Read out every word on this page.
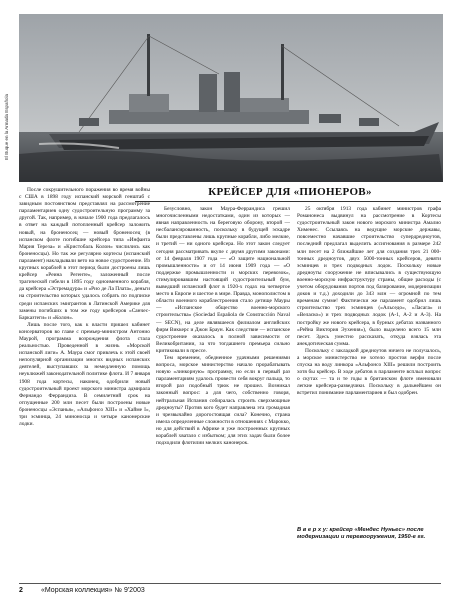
El Buque en la Armada Española
КРЕЙСЕР ДЛЯ «ПИОНЕРОВ»

После сокрушительного поражения во время войны с США в 1898 году испанский морской генштаб с завидным постоянством представлял на рассмотрение парламентариев одну судостроительную программу за другой. Так, например, в начале 1900 года предлагалось в ответ на каждый потопленный крейсер заложить новый, на броненосец — новый броненосец (в испанском флоте погибшие крейсера типа «Инфанта Мария Тереза» и «Кристобаль Колон» числились как броненосцы). Но так же регулярно кортесы (испанский парламент) накладывали вето на новое судостроение. Из крупных кораблей в этот период были достроены лишь крейсер «Реина Регенте», заложенный после трагической гибели в 1895 году одноименного корабля, да крейсера «Эстремадура» и «Рио де Ла Плата», деньги на строительство которых удалось собрать по подписке среди испанских эмигрантов в Латинской Америке для замены погибших в том же году крейсеров «Санчес-Барказтеги» и «Колон».

Лишь после того, как к власти пришел кабинет консерваторов во главе с премьер-министром Антонио Маурой, программа возрождения флота стала реальностью. Проведенной в жизнь «Морской испанской лиги» А. Маура смог привлечь к этой своей непопулярной организации многих видных испанских деятелей, выступавших за немедленную помощь неуклюжей законодательной политике флота. И 7 января 1908 года кортесы, наконец, одобрили новый судостроительный проект морского министра адмирала Фернандо Феррандиза. В семилетний срок на отпущенные 200 млн песет были построены новые броненосцы «Эспанья», «Альфонсо XIII» и «Хайме I», три эсминца, 24 миноносца и четыре канонерские лодки.

Безусловно, закон Маура-Феррандиса грешил многочисленными недостатками, один из которых — явная направленность на береговую оборону, второй — несбалансированность, поскольку в будущей эскадре были представлены лишь крупные корабли, либо мелкие, и третий — ни одного крейсера. Но этот закон следует сегодня рассматривать вкупе с двумя другими законами: от 14 февраля 1907 года — «О защите национальной промышленности» и от 14 июня 1909 года — «О поддержке промышленности и морских перевозок», стимулировавшим настоящий судостроительный бум, выведший испанский флот в 1920-х годах на четвертое место в Европе и шестое в мире. Правда, монополистом в области военного кораблестроения стало детище Мауры — «Испанское общество военно-морского строительства» (Sociedad Española de Construcción Naval — SECN), на деле являвшееся филиалом английских фирм Виккерс и Джон Браун. Как следствие — испанское судостроение оказалось в полной зависимости от Великобритании, за что тогдашнего премьера сильно критиковали в прессе.

Тем временем, обедненное удачными решениями вопроса, морское министерство начало прорабатывать новую «линкорную» программу, но если в первый раз парламентариям удалось провести себя вокруг пальца, то второй раз подобный трюк не прошел. Возникал законный вопрос: а для чего, собственно говоря, нейтральная Испания собиралась строить сверхмощные дредноуты? Против кого будет направлена эта громадная и чрезвычайно дорогостоящая сила? Конечно, страна имела определенные сложности в отношениях с Марокко, но для действий в Африке и уже построенных крупных кораблей хватало с избытком; для этих задач были более подходили флотилии мелких канонерок.

25 октября 1913 года кабинет министров графа Романонеса выдвинул на рассмотрение в Кортесы судостроительный закон нового морского министра Амалио Хименес. Ссылаясь на ведущие морские державы, повсеместно начавшие строительство супердредноутов, последний предлагал выделить ассигнования в размере 242 млн песет на 2 ближайшие лет для создания трех 21 000-тонных дредноутов, двух 5000-тонных крейсеров, девяти эсминцев и трех подводных лодок. Поскольку новые дредноуты сооружение не вписывались в существующую военно-морскую инфраструктуру страны, общие расходы (с учетом оборудования портов под базирование, модернизации доков и т.д.) доходили до 343 млн — огромной по тем временам сумме! Фактически же парламент одобрил лишь строительство трех эсминцев («Альседо», «Ласага» и «Веласко») и трех подводных лодок (А-1, А-2 и А-3). На постройку же нового крейсера, в бурных дебатах названного «Рейна Виктория Эухения»), было выделено всего 15 млн песет. Здесь уместно рассказать, откуда взялась эта анекдотическая сумма.

Поскольку с закладкой дредноутов ничего не получалось, а морское министерство не хотело простоя верфи после спуска на воду линкора «Альфонсо XIII» решили построить хотя бы крейсер. В ходе дебатов в парламенте всплыл вопрос о скутах — та и те годы в британском флоте именовали легкие крейсера-разведчики. Поскольку в дальнейшем он встретил понимание парламентариев и был одобрен.

В в е р х у: крейсер «Мендес Нуньес» после модернизации и перевооружения, 1950-е гг.
2	«Морская коллекция» № 9'2003
